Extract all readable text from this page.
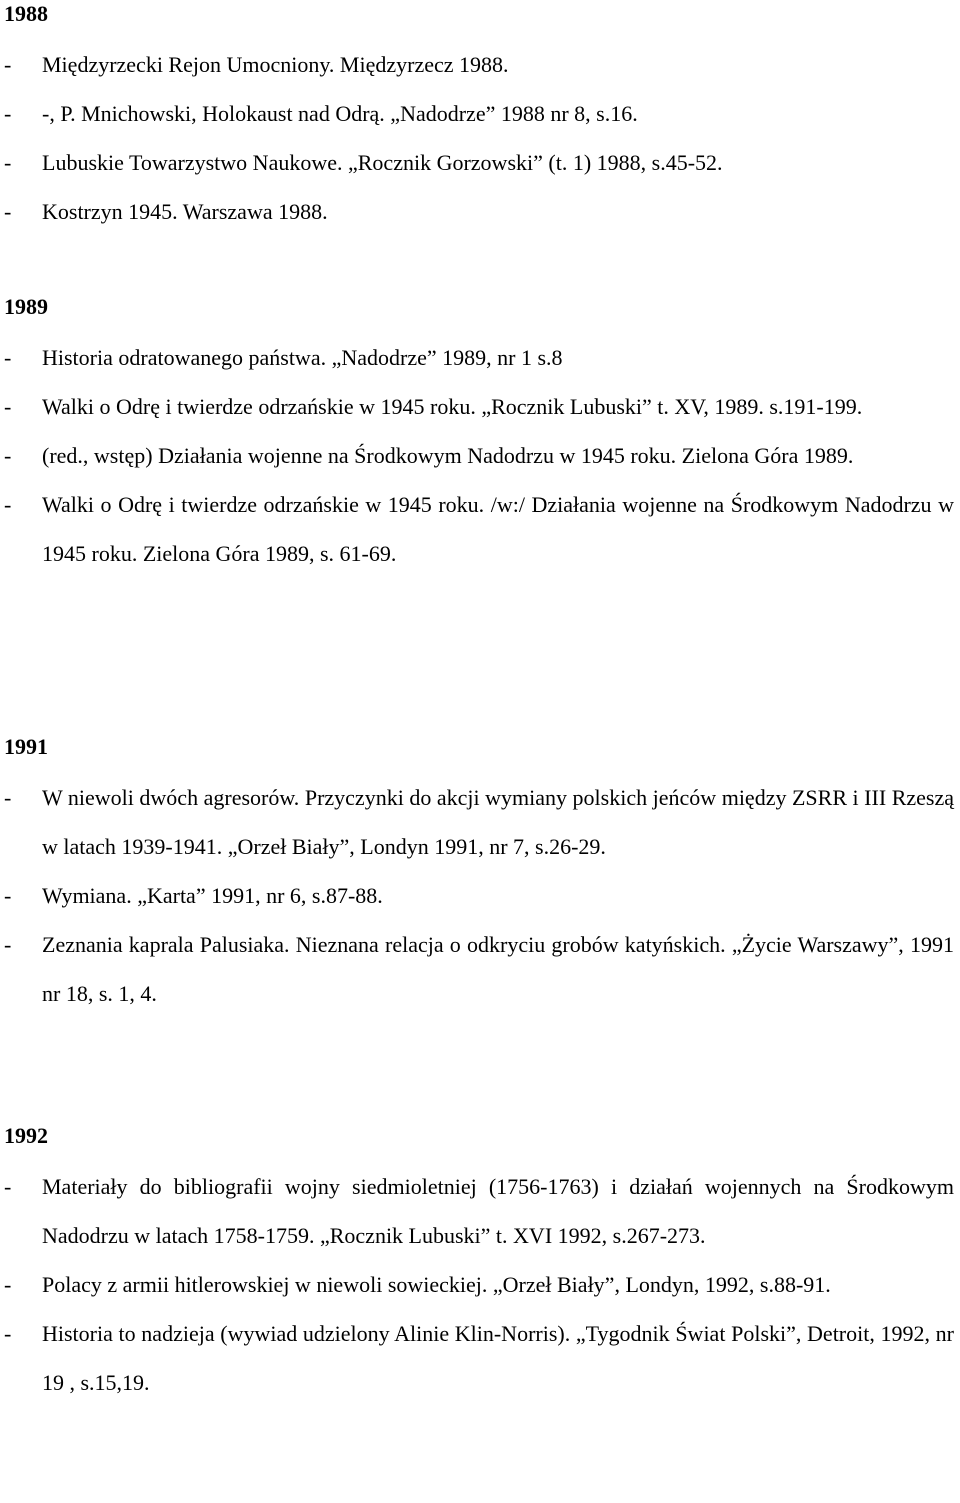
1988
- Międzyrzecki Rejon Umocniony. Międzyrzecz 1988.
- -, P. Mnichowski, Holokaust nad Odrą. „Nadodrze” 1988 nr 8, s.16.
- Lubuskie Towarzystwo Naukowe. „Rocznik Gorzowski” (t. 1) 1988, s.45-52.
- Kostrzyn 1945. Warszawa 1988.
1989
- Historia odratowanego państwa. „Nadodrze” 1989, nr 1 s.8
- Walki o Odrę i twierdze odrzańskie w 1945 roku. „Rocznik Lubuski” t. XV, 1989. s.191-199.
- (red., wstęp) Działania wojenne na Środkowym Nadodrzu w 1945 roku. Zielona Góra 1989.
- Walki o Odrę i twierdze odrzańskie w 1945 roku. /w:/ Działania wojenne na Środkowym Nadodrzu w 1945 roku. Zielona Góra 1989, s. 61-69.
1991
- W niewoli dwóch agresorów. Przyczynki do akcji wymiany polskich jeńców między ZSRR i III Rzeszą w latach 1939-1941. „Orzeł Biały”, Londyn 1991, nr 7, s.26-29.
- Wymiana. „Karta” 1991, nr 6, s.87-88.
- Zeznania kaprala Palusiaka. Nieznana relacja o odkryciu grobów katyńskich. „Życie Warszawy”, 1991 nr 18, s. 1, 4.
1992
- Materiały do bibliografii wojny siedmioletniej (1756-1763) i działań wojennych na Środkowym Nadodrzu w latach 1758-1759. „Rocznik Lubuski” t. XVI 1992, s.267-273.
- Polacy z armii hitlerowskiej w niewoli sowieckiej. „Orzeł Biały”, Londyn, 1992, s.88-91.
- Historia to nadzieja (wywiad udzielony Alinie Klin-Norris). „Tygodnik Świat Polski”, Detroit, 1992, nr 19 , s.15,19.
